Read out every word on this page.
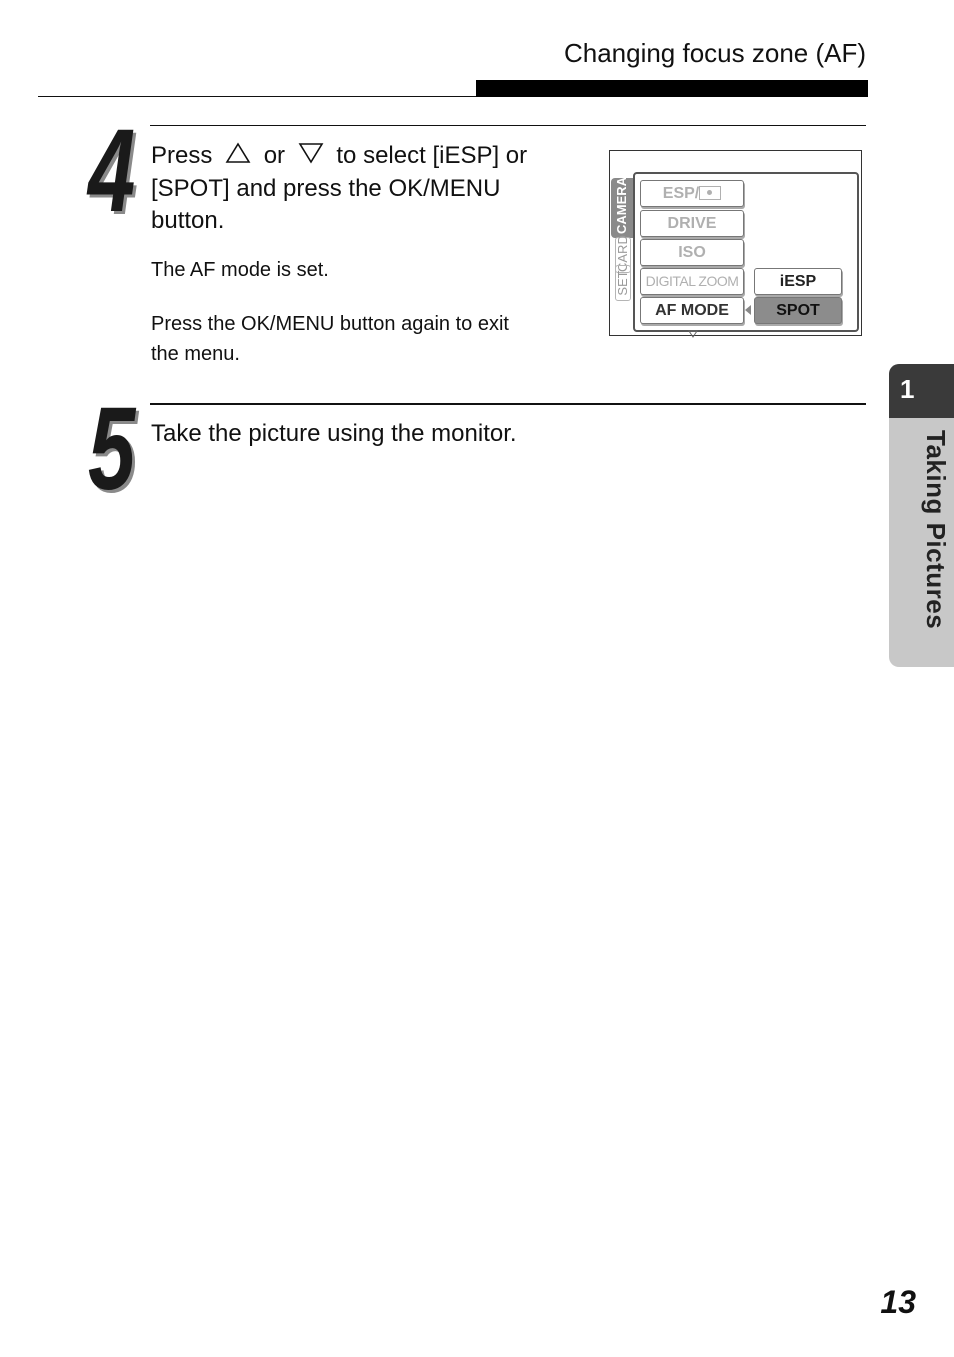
Changing focus zone (AF)
4 Press or to select [iESP] or
[SPOT] and press the OK/MENU
button.
The AF mode is set.
Press the OK/MENU button again to exit
the menu.
CAMERA
CARD
SET
ESP/
DRIVE
ISO
DIGITAL ZOOM
AF MODE
iESP
SPOT
5 Take the picture using the monitor.
1
Taking Pictures
13
